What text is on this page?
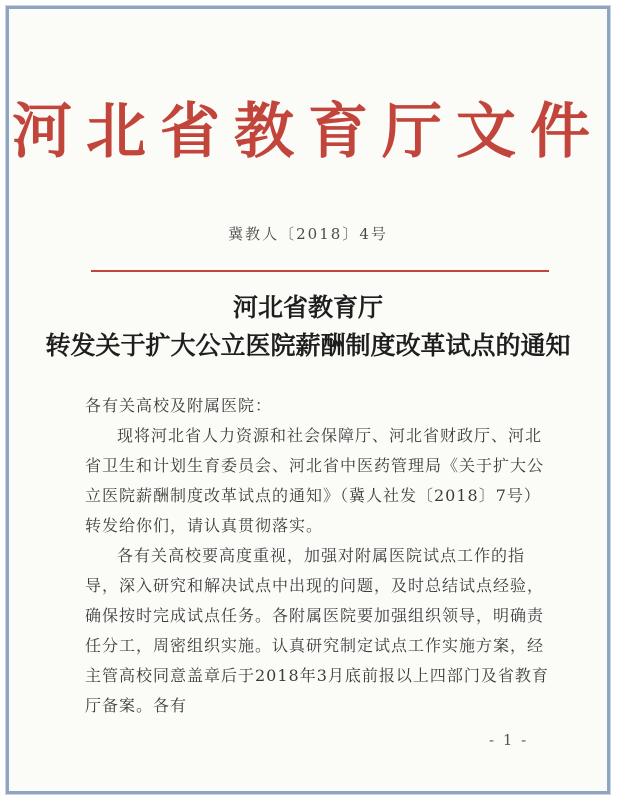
河北省教育厅文件
冀教人〔2018〕4号
河北省教育厅
转发关于扩大公立医院薪酬制度改革试点的通知

各有关高校及附属医院：

现将河北省人力资源和社会保障厅、河北省财政厅、河北省卫生和计划生育委员会、河北省中医药管理局《关于扩大公立医院薪酬制度改革试点的通知》（冀人社发〔2018〕7号）转发给你们，请认真贯彻落实。

各有关高校要高度重视，加强对附属医院试点工作的指导，深入研究和解决试点中出现的问题，及时总结试点经验，确保按时完成试点任务。各附属医院要加强组织领导，明确责任分工，周密组织实施。认真研究制定试点工作实施方案，经主管高校同意盖章后于2018年3月底前报以上四部门及省教育厅备案。各有

- 1 -
